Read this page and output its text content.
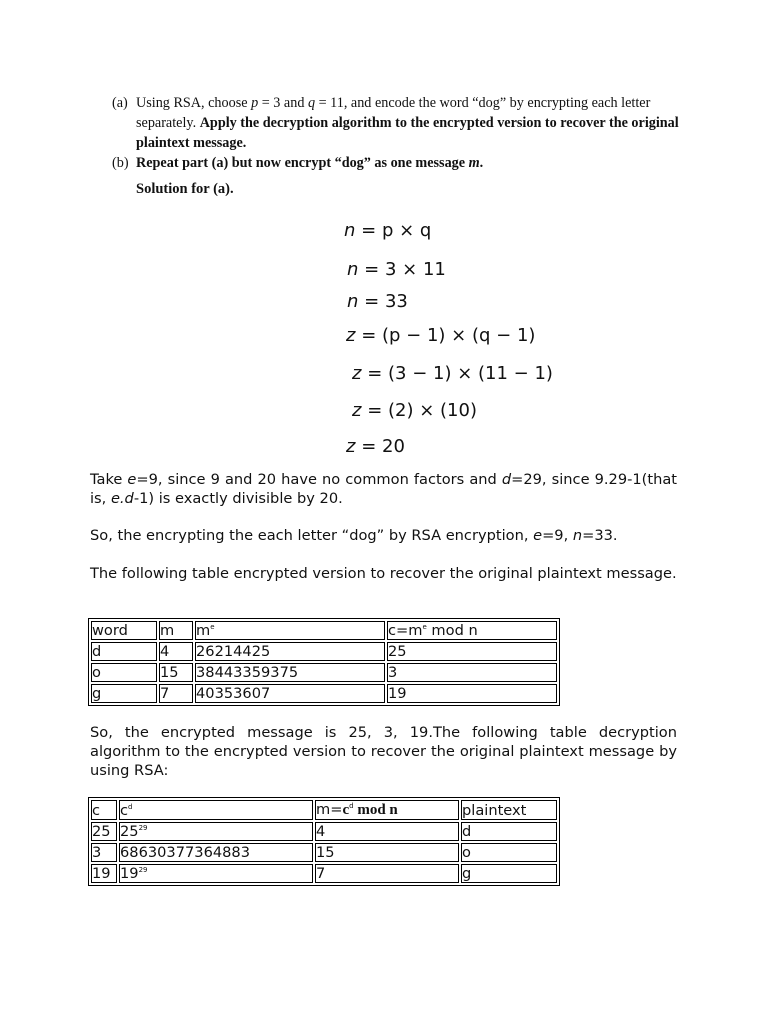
(a) Using RSA, choose p = 3 and q = 11, and encode the word “dog” by encrypting each letter separately. Apply the decryption algorithm to the encrypted version to recover the original plaintext message.
(b) Repeat part (a) but now encrypt “dog” as one message m.
Solution for (a).
n = p × q
n = 3 × 11
n = 33
z = (p − 1) × (q − 1)
z = (3 − 1) × (11 − 1)
z = (2) × (10)
z = 20
Take e=9, since 9 and 20 have no common factors and d=29, since 9.29-1(that is, e.d-1) is exactly divisible by 20.
So, the encrypting the each letter “dog” by RSA encryption, e=9, n=33.
The following table encrypted version to recover the original plaintext message.
word	m	$m^e$	$c=m^e$ mod n
d	4	26214425	25
o	15	38443359375	3
g	7	40353607	19
So, the encrypted message is 25, 3, 19.The following table decryption algorithm to the encrypted version to recover the original plaintext message by using RSA:
c	$c^d$	$m=c^d$ mod n	plaintext
25	$25^{29}$	4	d
3	68630377364883	15	o
19	$19^{29}$	7	g
